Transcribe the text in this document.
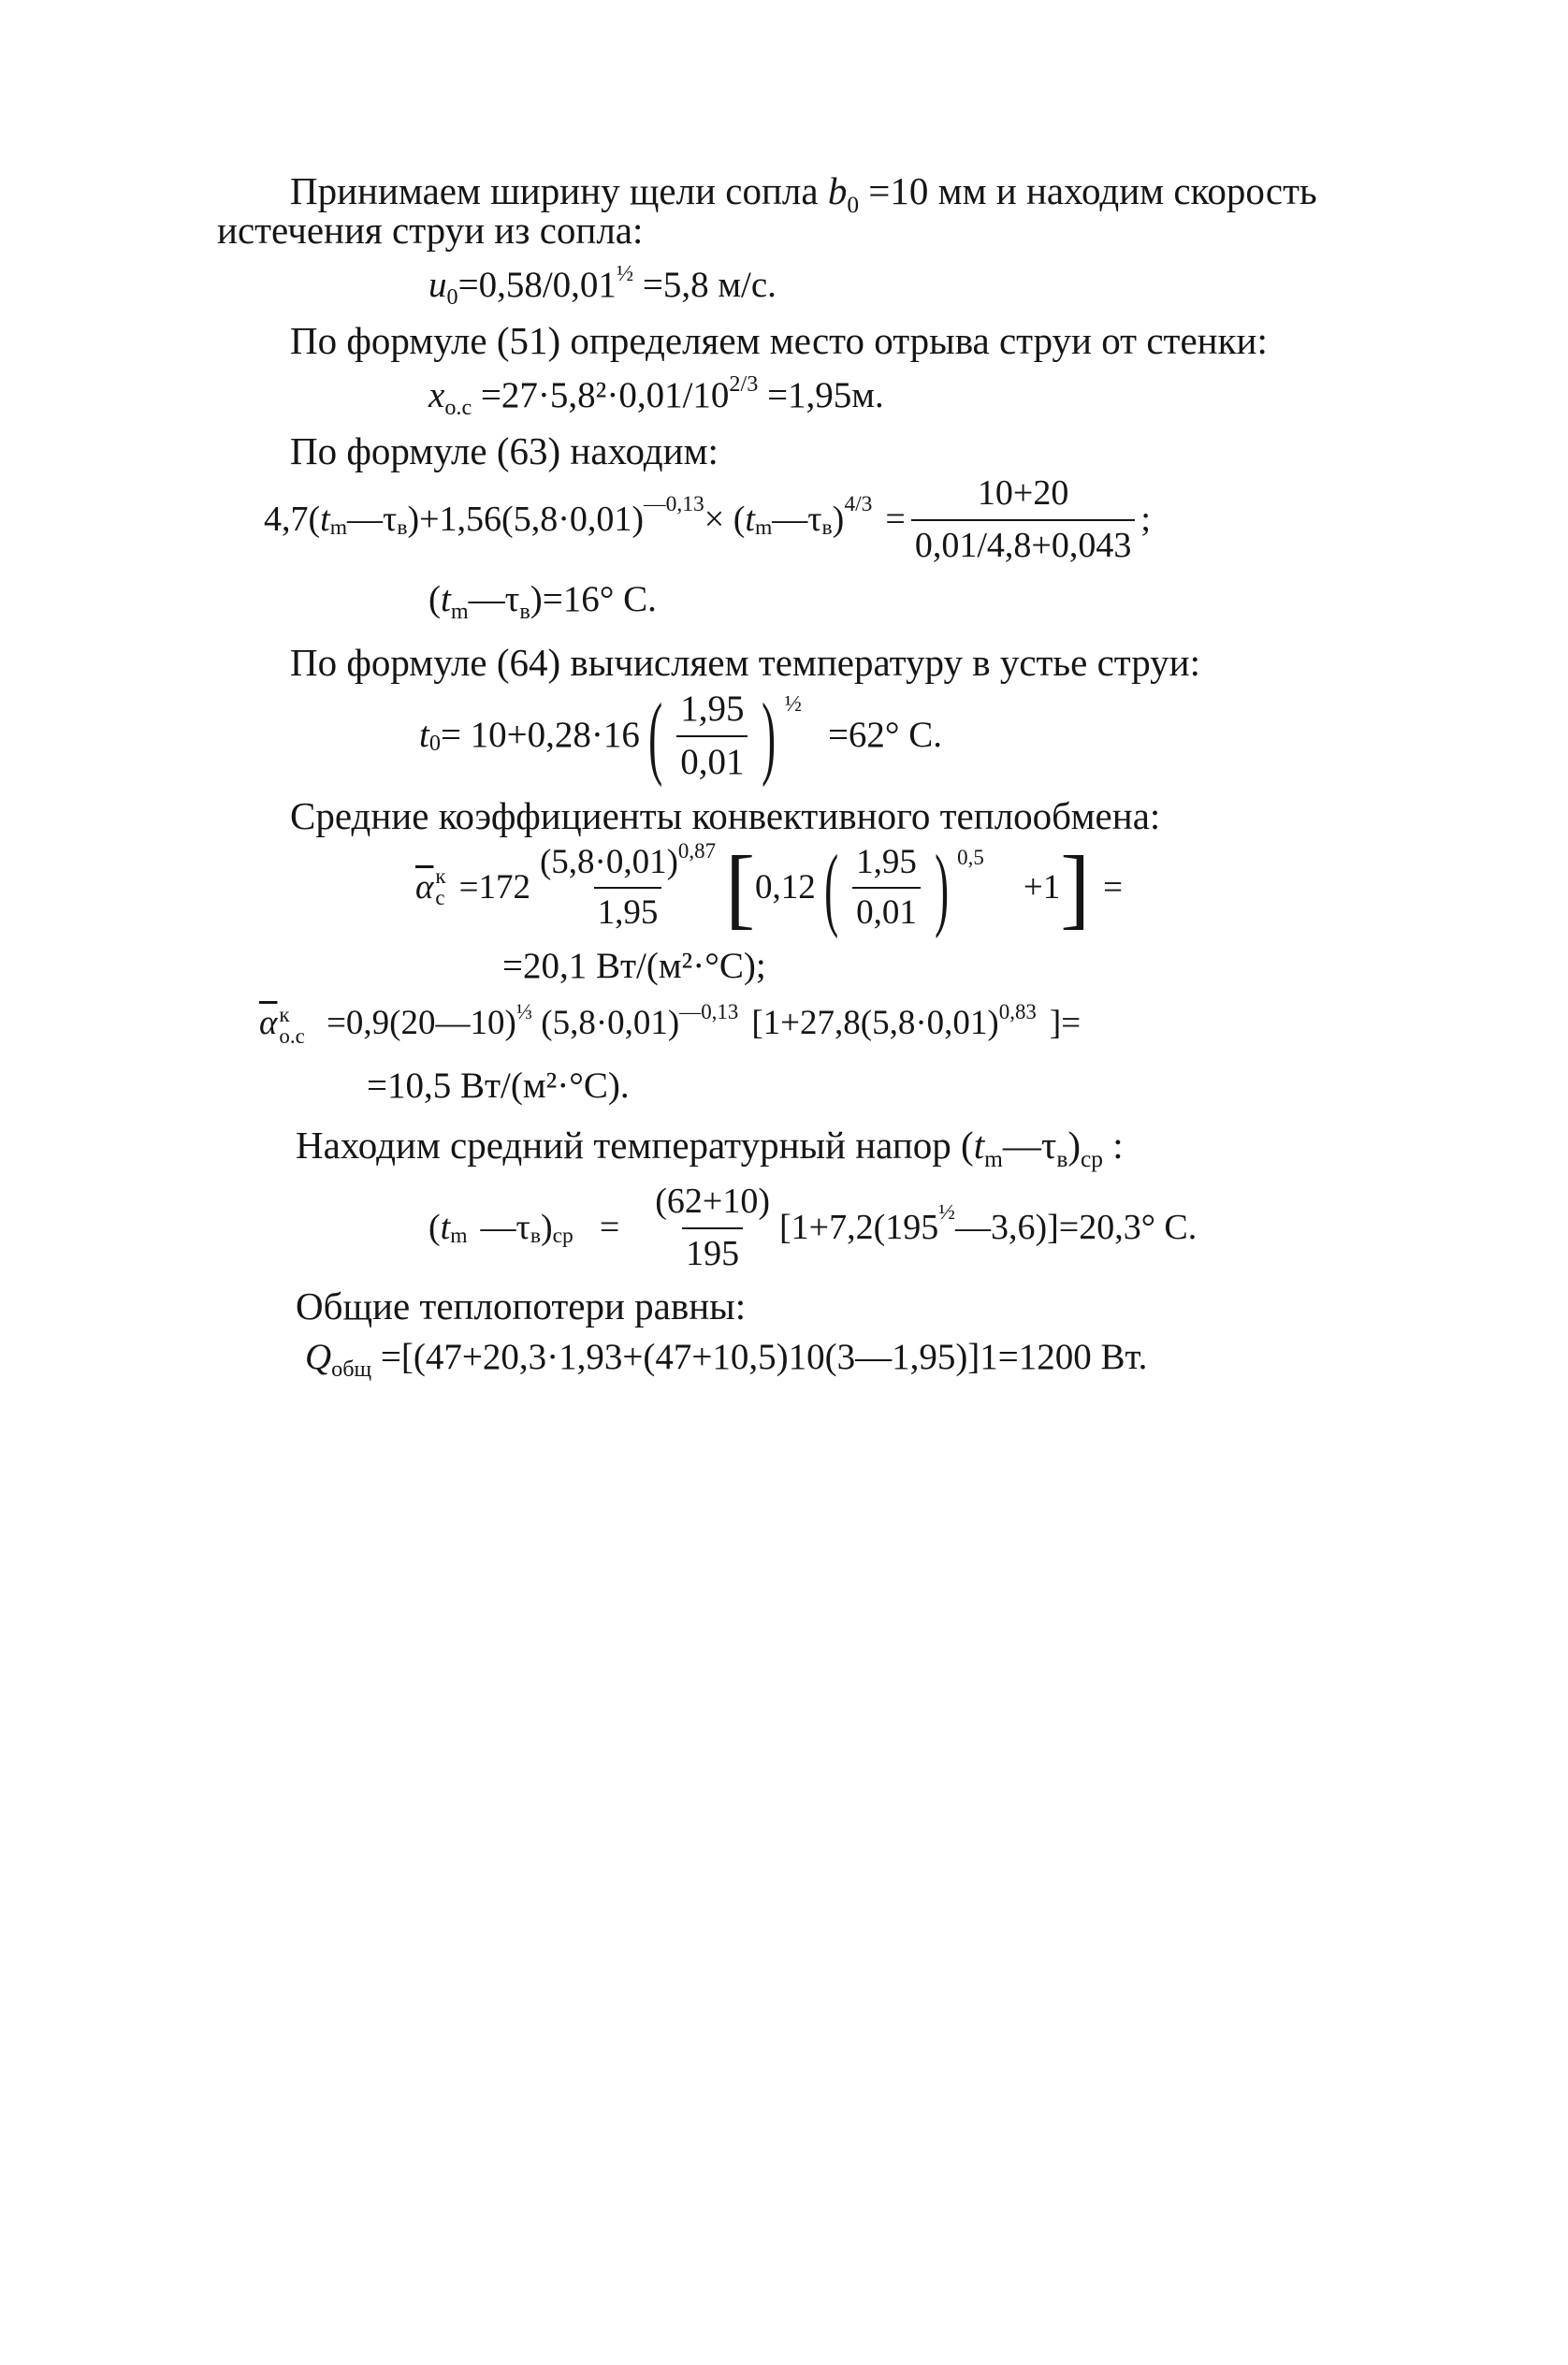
Принимаем ширину щели сопла $b_0 =10$ мм и находим скорость
истечения струи из сопла:
$u_0=0,58/0,01^{\frac{1}{2}} =5,8$ м/с.
По формуле (51) определяем место отрыва струи от стенки:
$x_{о.с} =27\cdot 5,8^2\cdot 0,01/10^{2/3} =1,95м$.
По формуле (63) находим:
4,7( $t_m$ $—\tau_в$ )$+1,56(5,8\cdot 0,01)^{—0,13}$ × ( $t_m$ $—\tau_в$ )$^{4/3} = \frac{10+20}{0,01/4,8+0,043}$ ;
$(t_m—\tau_в)=16^\circ$ С.
По формуле (64) вычисляем температуру в устье струи:
$t_0 = 10+0,28\cdot 16$ ( $\frac{1,95}{0,01}$ ) $^{\frac{1}{2}}$
=62° С.
Средние коэффициенты конвективного теплообмена:
$\overline{\alpha}$ к
$с =172 \frac{(5,8\cdot 0,01)^{0,87}}{1,95}$ [ 0,12 ( $\frac{1,95}{0,01}$ ) $^{0,5}$
+1 ] =
=20,1 Вт/(м²·°С);
$\overline{\alpha}$ к
о.с =0,9(20—10)$^{\frac{1}{3}}$ $(5,8\cdot 0,01)^{—0,13}$ [$1+27,8(5,8\cdot 0,01)^{0,83}$ ]=
=10,5 Вт/(м²·°С).
Находим средний температурный напор $(t_m—\tau_в)_{ср}$ :
( $t_m$ $—\tau_в$ )$_{ср} = \frac{(62+10)}{195} [1+7,2(195^{\frac{1}{2}}$ —3,6)]=20,3° С.
Общие теплопотери равны:
$Q_{общ}$ =[(47+20,3·1,93+(47+10,5)10(3—1,95)]1=1200 Вт.
